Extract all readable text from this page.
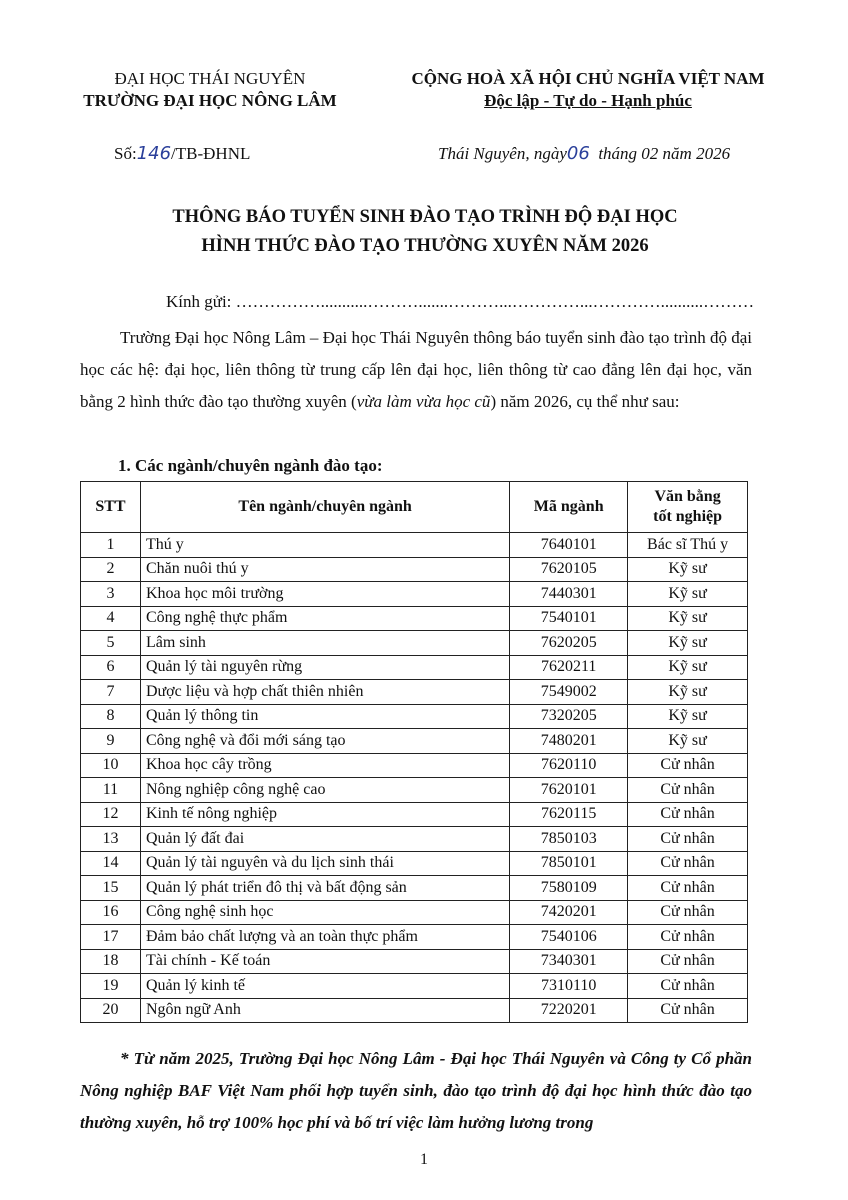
ĐẠI HỌC THÁI NGUYÊN
TRƯỜNG ĐẠI HỌC NÔNG LÂM
CỘNG HOÀ XÃ HỘI CHỦ NGHĨA VIỆT NAM
Độc lập - Tự do - Hạnh phúc
Số:146/TB-ĐHNL	Thái Nguyên, ngày06 tháng 02 năm 2026
THÔNG BÁO TUYỂN SINH ĐÀO TẠO TRÌNH ĐỘ ĐẠI HỌC
HÌNH THỨC ĐÀO TẠO THƯỜNG XUYÊN NĂM 2026
Kính gửi: ……………...........……….......………...…………...…………..........………
Trường Đại học Nông Lâm – Đại học Thái Nguyên thông báo tuyển sinh đào tạo trình độ đại học các hệ: đại học, liên thông từ trung cấp lên đại học, liên thông từ cao đẳng lên đại học, văn bằng 2 hình thức đào tạo thường xuyên (vừa làm vừa học cũ) năm 2026, cụ thể như sau:
1. Các ngành/chuyên ngành đào tạo:
STT	Tên ngành/chuyên ngành	Mã ngành	Văn bằng
tốt nghiệp

1	Thú y	7640101	Bác sĩ Thú y
2	Chăn nuôi thú y	7620105	Kỹ sư
3	Khoa học môi trường	7440301	Kỹ sư
4	Công nghệ thực phẩm	7540101	Kỹ sư
5	Lâm sinh	7620205	Kỹ sư
6	Quản lý tài nguyên rừng	7620211	Kỹ sư
7	Dược liệu và hợp chất thiên nhiên	7549002	Kỹ sư
8	Quản lý thông tin	7320205	Kỹ sư
9	Công nghệ và đổi mới sáng tạo	7480201	Kỹ sư
10	Khoa học cây trồng	7620110	Cử nhân
11	Nông nghiệp công nghệ cao	7620101	Cử nhân
12	Kinh tế nông nghiệp	7620115	Cử nhân
13	Quản lý đất đai	7850103	Cử nhân
14	Quản lý tài nguyên và du lịch sinh thái	7850101	Cử nhân
15	Quản lý phát triển đô thị và bất động sản	7580109	Cử nhân
16	Công nghệ sinh học	7420201	Cử nhân
17	Đảm bảo chất lượng và an toàn thực phẩm	7540106	Cử nhân
18	Tài chính - Kế toán	7340301	Cử nhân
19	Quản lý kinh tế	7310110	Cử nhân
20	Ngôn ngữ Anh	7220201	Cử nhân
* Từ năm 2025, Trường Đại học Nông Lâm - Đại học Thái Nguyên và Công ty Cổ phần Nông nghiệp BAF Việt Nam phối hợp tuyển sinh, đào tạo trình độ đại học hình thức đào tạo thường xuyên, hỗ trợ 100% học phí và bố trí việc làm hưởng lương trong
1
